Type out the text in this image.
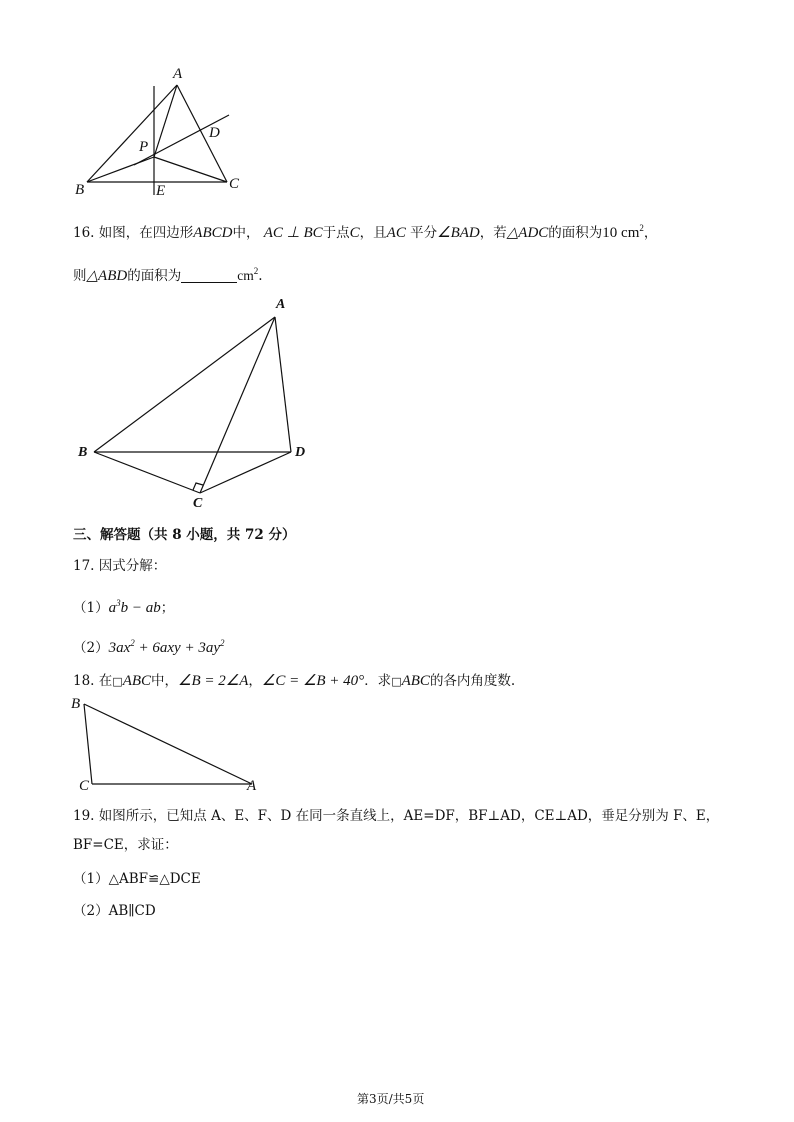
A
D
P
B	E	C
16. 如图，在四边形ABCD中， AC ⊥ BC于点C，且AC 平分∠BAD，若△ADC的面积为10 $cm^2$，
则△ABD的面积为	$cm^2$.
A
B	D
C
三、解答题（共 8 小题，共 72 分）
17. 因式分解：
$(1)a^3b$ − ab；
$(2)3ax^2 + 6axy + 3ay^2$
18. 在□ABC中，∠B = 2∠A，∠C = ∠B + 40°．求□ABC的各内角度数.
B
C	A
19. 如图所示，已知点 A、E、F、D 在同一条直线上，AE=DF，BF⊥AD，CE⊥AD，垂足分别为 F、E，
BF=CE，求证：
（1）△ABF≌△DCE
（2）AB∥CD
第3页/共5页
